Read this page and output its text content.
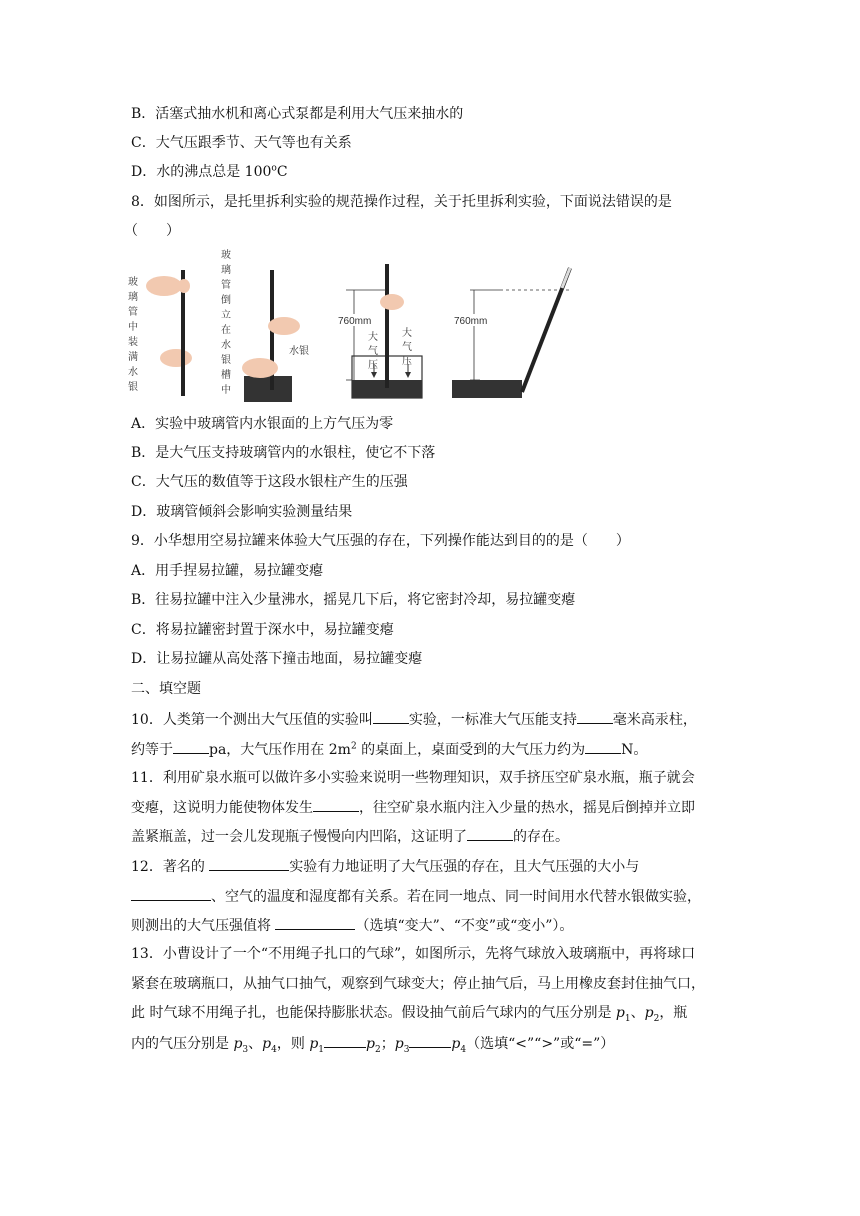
B．活塞式抽水机和离心式泵都是利用大气压来抽水的
C．大气压跟季节、天气等也有关系
D．水的沸点总是 100$^o$C
8．如图所示，是托里拆利实验的规范操作过程，关于托里拆利实验，下面说法错误的是
（　　）
玻
璃
管
中
装
满
水
银
玻
璃
管
倒
立
在
水
银
槽
中
水银
760mm
大
气
压
大
气
压
760mm
A．实验中玻璃管内水银面的上方气压为零
B．是大气压支持玻璃管内的水银柱，使它不下落
C．大气压的数值等于这段水银柱产生的压强
D．玻璃管倾斜会影响实验测量结果
9．小华想用空易拉罐来体验大气压强的存在，下列操作能达到目的的是（　　）
A．用手捏易拉罐，易拉罐变瘪
B．往易拉罐中注入少量沸水，摇晃几下后，将它密封冷却，易拉罐变瘪
C．将易拉罐密封置于深水中，易拉罐变瘪
D．让易拉罐从高处落下撞击地面，易拉罐变瘪
二、填空题
10．人类第一个测出大气压值的实验叫	实验，一标准大气压能支持	毫米高汞柱，
约等于	pa，大气压作用在 $2m^2$ 的桌面上，桌面受到的大气压力约为	N。
11．利用矿泉水瓶可以做许多小实验来说明一些物理知识，双手挤压空矿泉水瓶，瓶子就会
变瘪，这说明力能使物体发生	，往空矿泉水瓶内注入少量的热水，摇晃后倒掉并立即
盖紧瓶盖，过一会儿发现瓶子慢慢向内凹陷，这证明了	的存在。
12．著名的	实验有力地证明了大气压强的存在，且大气压强的大小与
、空气的温度和湿度都有关系。若在同一地点、同一时间用水代替水银做实验，
则测出的大气压强值将	（选填“变大”、“不变”或“变小”）。
13．小曹设计了一个“不用绳子扎口的气球”，如图所示，先将气球放入玻璃瓶中，再将球口
紧套在玻璃瓶口，从抽气口抽气，观察到气球变大；停止抽气后，马上用橡皮套封住抽气口，
此 时气球不用绳子扎，也能保持膨胀状态。假设抽气前后气球内的气压分别是 $p_1$、$p_2$，瓶
内的气压分别是 $p_3$、$p_4$，则 $p_1$	$p_2$；$p_3$	$p_4$（选填“<”“>”或“=”）
